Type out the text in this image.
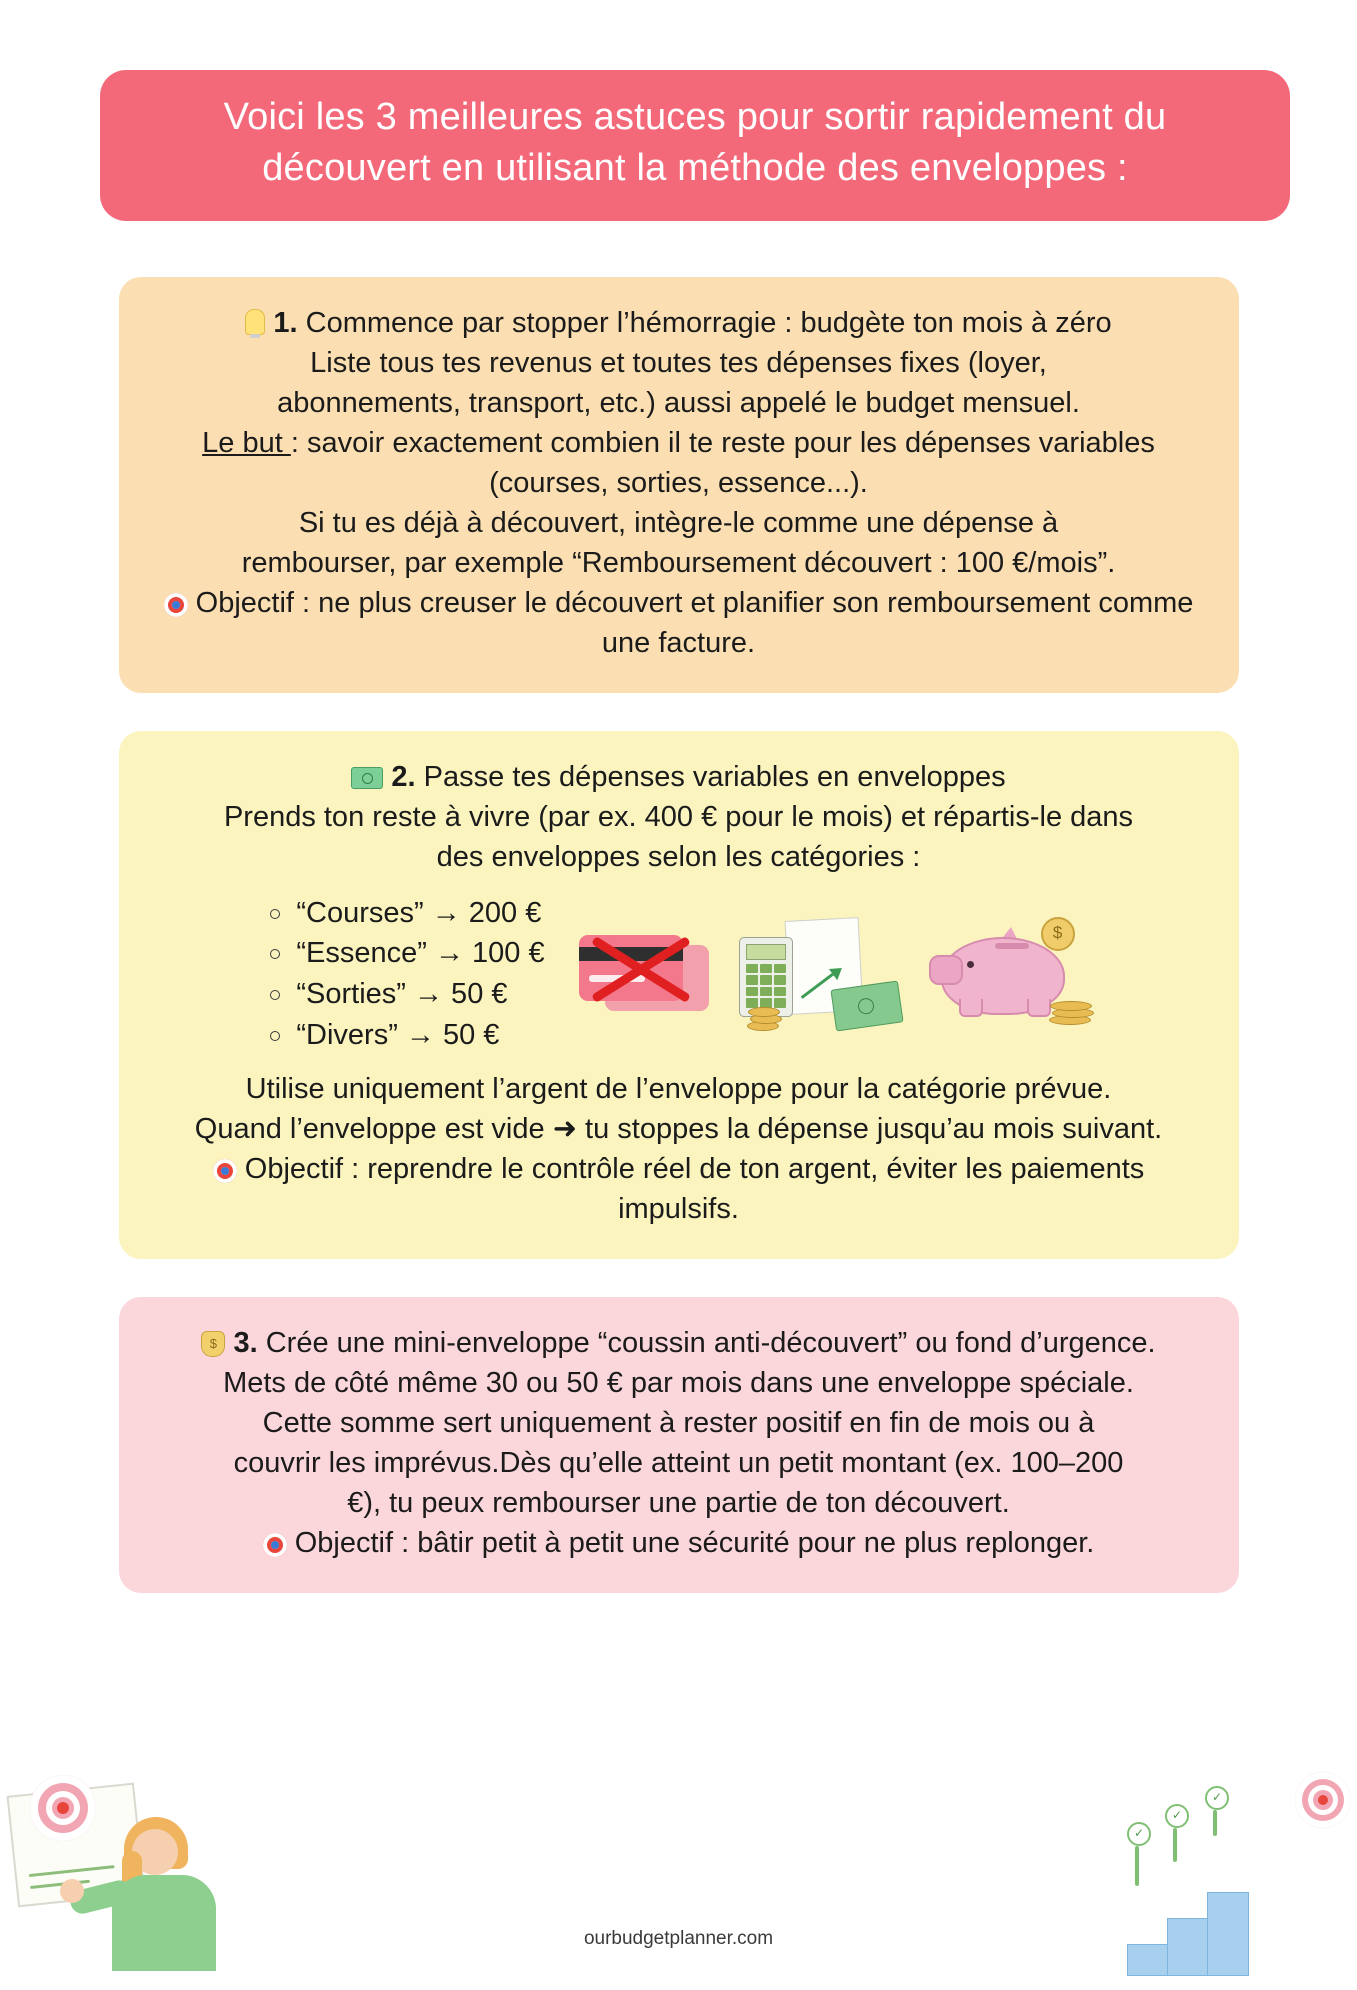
Voici les 3 meilleures astuces pour sortir rapidement du
découvert en utilisant la méthode des enveloppes :

1. Commence par stopper l’hémorragie : budgète ton mois à zéro

Liste tous tes revenus et toutes tes dépenses fixes (loyer,

abonnements, transport, etc.) aussi appelé le budget mensuel.

Le but : savoir exactement combien il te reste pour les dépenses variables (courses, sorties, essence...).

Si tu es déjà à découvert, intègre-le comme une dépense à

rembourser, par exemple “Remboursement découvert : 100 €/mois”.

Objectif : ne plus creuser le découvert et planifier son remboursement comme une facture.

2. Passe tes dépenses variables en enveloppes

Prends ton reste à vivre (par ex. 400 € pour le mois) et répartis-le dans

des enveloppes selon les catégories :

“Courses” → 200 €
“Essence” → 100 €
“Sorties” → 50 €
“Divers” → 50 €
$

Utilise uniquement l’argent de l’enveloppe pour la catégorie prévue.

Quand l’enveloppe est vide ➜ tu stoppes la dépense jusqu’au mois suivant.

Objectif : reprendre le contrôle réel de ton argent, éviter les paiements impulsifs.

$ 3. Crée une mini-enveloppe “coussin anti-découvert” ou fond d’urgence.

Mets de côté même 30 ou 50 € par mois dans une enveloppe spéciale.

Cette somme sert uniquement à rester positif en fin de mois ou à

couvrir les imprévus.Dès qu’elle atteint un petit montant (ex. 100–200

€), tu peux rembourser une partie de ton découvert.

Objectif : bâtir petit à petit une sécurité pour ne plus replonger.

✓
✓
✓
ourbudgetplanner.com
